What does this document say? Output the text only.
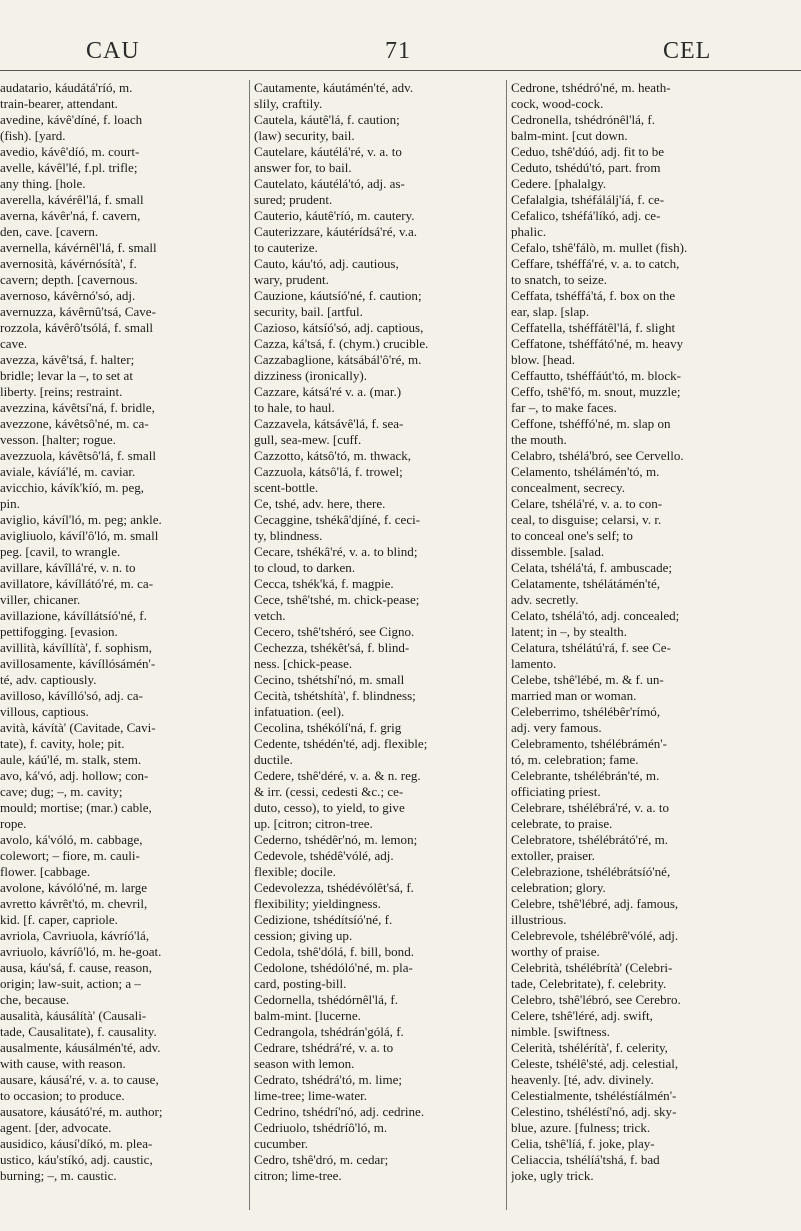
CAU	71	CEL
audatario, káudátá'ríó, m.
train-bearer, attendant.
avedine, kávê'díné, f. loach
(fish). [yard.
avedio, kávê'díó, m. court-
avelle, kávêl'lé, f.pl. trifle;
any thing. [hole.
averella, kávérêl'lá, f. small
averna, kávêr'ná, f. cavern,
den, cave. [cavern.
avernella, kávérnêl'lá, f. small
avernosità, kávérnósítà', f.
cavern; depth. [cavernous.
avernoso, kávêrnó'só, adj.
avernuzza, kávêrnû'tsá, Cave-
rozzola, kávêrô'tsólá, f. small
cave.
avezza, kávê'tsá, f. halter;
bridle; levar la –, to set at
liberty. [reins; restraint.
avezzina, kávêtsí'ná, f. bridle,
avezzone, kávêtsô'né, m. ca-
vesson. [halter; rogue.
avezzuola, kávêtsô'lá, f. small
aviale, kávíá'lé, m. caviar.
avicchio, kávík'kíó, m. peg,
pin.
aviglio, kávíl'ló, m. peg; ankle.
avigliuolo, kávíl'ô'ló, m. small
peg. [cavil, to wrangle.
avillare, kávîllá'ré, v. n. to
avillatore, kávíllátó'ré, m. ca-
viller, chicaner.
avillazione, kávíllátsíó'né, f.
pettifogging. [evasion.
avillità, kávíllítà', f. sophism,
avillosamente, kávíllósámén'-
té, adv. captiously.
avilloso, kávílló'só, adj. ca-
villous, captious.
avità, kávítà' (Cavitade, Cavi-
tate), f. cavity, hole; pit.
aule, káú'lé, m. stalk, stem.
avo, ká'vó, adj. hollow; con-
cave; dug; –, m. cavity;
mould; mortise; (mar.) cable,
rope.
avolo, ká'vóló, m. cabbage,
colewort; – fiore, m. cauli-
flower. [cabbage.
avolone, kávóló'né, m. large
avretto kávrêt'tó, m. chevril,
kid. [f. caper, capriole.
avriola, Cavriuola, kávríó'lá,
avriuolo, kávríô'ló, m. he-goat.
ausa, káu'sá, f. cause, reason,
origin; law-suit, action; a –
che, because.
ausalità, káusálítà' (Causali-
tade, Causalitate), f. causality.
ausalmente, káusálmén'té, adv.
with cause, with reason.
ausare, káusá'ré, v. a. to cause,
to occasion; to produce.
ausatore, káusátó'ré, m. author;
agent. [der, advocate.
ausidico, káusí'díkó, m. plea-
ustico, káu'stíkó, adj. caustic,
burning; –, m. caustic.
Cautamente, káutámén'té, adv.
slily, craftily.
Cautela, káutê'lá, f. caution;
(law) security, bail.
Cautelare, káutélá'ré, v. a. to
answer for, to bail.
Cautelato, káutélá'tó, adj. as-
sured; prudent.
Cauterio, káutê'ríó, m. cautery.
Cauterizzare, káutérídsá'ré, v.a.
to cauterize.
Cauto, káu'tó, adj. cautious,
wary, prudent.
Cauzione, káutsíó'né, f. caution;
security, bail. [artful.
Cazioso, kátsíó'só, adj. captious,
Cazza, ká'tsá, f. (chym.) crucible.
Cazzabaglione, kátsábál'ô'ré, m.
dizziness (ironically).
Cazzare, kátsá'ré v. a. (mar.)
to hale, to haul.
Cazzavela, kátsávê'lá, f. sea-
gull, sea-mew. [cuff.
Cazzotto, kátsô'tó, m. thwack,
Cazzuola, kátsô'lá, f. trowel;
scent-bottle.
Ce, tshé, adv. here, there.
Cecaggine, tshékâ'djíné, f. ceci-
ty, blindness.
Cecare, tshékâ'ré, v. a. to blind;
to cloud, to darken.
Cecca, tshék'ká, f. magpie.
Cece, tshê'tshé, m. chick-pease;
vetch.
Cecero, tshê'tshéró, see Cigno.
Cechezza, tshékêt'sá, f. blind-
ness. [chick-pease.
Cecino, tshétshí'nó, m. small
Cecità, tshétshítà', f. blindness;
infatuation. (eel).
Cecolina, tshékólí'ná, f. grig
Cedente, tshédén'té, adj. flexible;
ductile.
Cedere, tshê'déré, v. a. & n. reg.
& irr. (cessi, cedesti &c.; ce-
duto, cesso), to yield, to give
up. [citron; citron-tree.
Cederno, tshédêr'nó, m. lemon;
Cedevole, tshédê'vólé, adj.
flexible; docile.
Cedevolezza, tshédévólêt'sá, f.
flexibility; yieldingness.
Cedizione, tshédítsíó'né, f.
cession; giving up.
Cedola, tshê'dólá, f. bill, bond.
Cedolone, tshédóló'né, m. pla-
card, posting-bill.
Cedornella, tshédórnêl'lá, f.
balm-mint. [lucerne.
Cedrangola, tshédrán'gólá, f.
Cedrare, tshédrá'ré, v. a. to
season with lemon.
Cedrato, tshédrá'tó, m. lime;
lime-tree; lime-water.
Cedrino, tshédrí'nó, adj. cedrine.
Cedriuolo, tshédríô'ló, m.
cucumber.
Cedro, tshê'dró, m. cedar;
citron; lime-tree.
Cedrone, tshédró'né, m. heath-
cock, wood-cock.
Cedronella, tshédrónêl'lá, f.
balm-mint. [cut down.
Ceduo, tshê'dúó, adj. fit to be
Ceduto, tshédú'tó, part. from
Cedere. [phalalgy.
Cefalalgia, tshéfálálj'íá, f. ce-
Cefalico, tshéfá'líkó, adj. ce-
phalic.
Cefalo, tshê'fálò, m. mullet (fish).
Ceffare, tshéffá'ré, v. a. to catch,
to snatch, to seize.
Ceffata, tshéffá'tá, f. box on the
ear, slap. [slap.
Ceffatella, tshéffátêl'lá, f. slight
Ceffatone, tshéffátó'né, m. heavy
blow. [head.
Ceffautto, tshéffáút'tó, m. block-
Ceffo, tshê'fó, m. snout, muzzle;
far –, to make faces.
Ceffone, tshéffó'né, m. slap on
the mouth.
Celabro, tshélá'bró, see Cervello.
Celamento, tshélámén'tó, m.
concealment, secrecy.
Celare, tshélá'ré, v. a. to con-
ceal, to disguise; celarsi, v. r.
to conceal one's self; to
dissemble. [salad.
Celata, tshélá'tá, f. ambuscade;
Celatamente, tshélátámén'té,
adv. secretly.
Celato, tshélá'tó, adj. concealed;
latent; in –, by stealth.
Celatura, tshélátú'rá, f. see Ce-
lamento.
Celebe, tshê'lébé, m. & f. un-
married man or woman.
Celeberrimo, tshélébêr'rímó,
adj. very famous.
Celebramento, tshélébrámén'-
tó, m. celebration; fame.
Celebrante, tshélébrán'té, m.
officiating priest.
Celebrare, tshélébrá'ré, v. a. to
celebrate, to praise.
Celebratore, tshélébrátó'ré, m.
extoller, praiser.
Celebrazione, tshélébrátsíó'né,
celebration; glory.
Celebre, tshê'lébré, adj. famous,
illustrious.
Celebrevole, tshélébrê'vólé, adj.
worthy of praise.
Celebrità, tshélébrítà' (Celebri-
tade, Celebritate), f. celebrity.
Celebro, tshê'lébró, see Cerebro.
Celere, tshê'léré, adj. swift,
nimble. [swiftness.
Celerità, tshélérítà', f. celerity,
Celeste, tshélê'sté, adj. celestial,
heavenly. [té, adv. divinely.
Celestialmente, tshéléstíálmén'-
Celestino, tshéléstí'nó, adj. sky-
blue, azure. [fulness; trick.
Celia, tshê'líá, f. joke, play-
Celiaccia, tshélíá'tshá, f. bad
joke, ugly trick.
